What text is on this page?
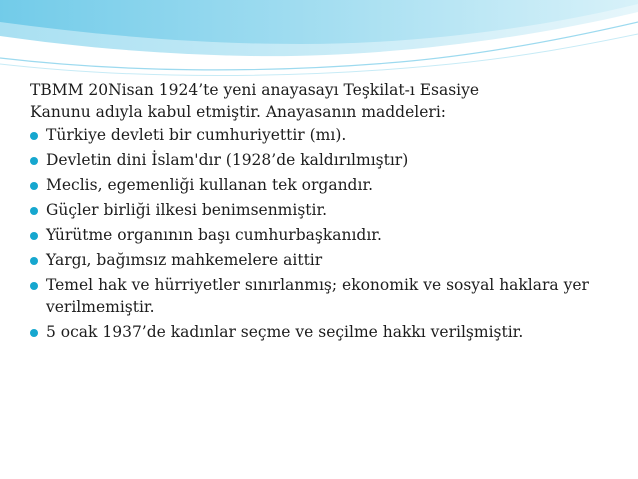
TBMM 20Nisan 1924’te yeni anayasayı Teşkilat-ı Esasiye
Kanunu adıyla kabul etmiştir. Anayasanın maddeleri:

Türkiye devleti bir cumhuriyettir (mı).
Devletin dini İslam'dır (1928’de kaldırılmıştır)
Meclis, egemenliği kullanan tek organdır.
Güçler birliği ilkesi benimsenmiştir.
Yürütme organının başı cumhurbaşkanıdır.
Yargı, bağımsız mahkemelere aittir
Temel hak ve hürriyetler sınırlanmış; ekonomik ve sosyal haklara yer verilmemiştir.
5 ocak 1937’de kadınlar seçme ve seçilme hakkı verilşmiştir.
